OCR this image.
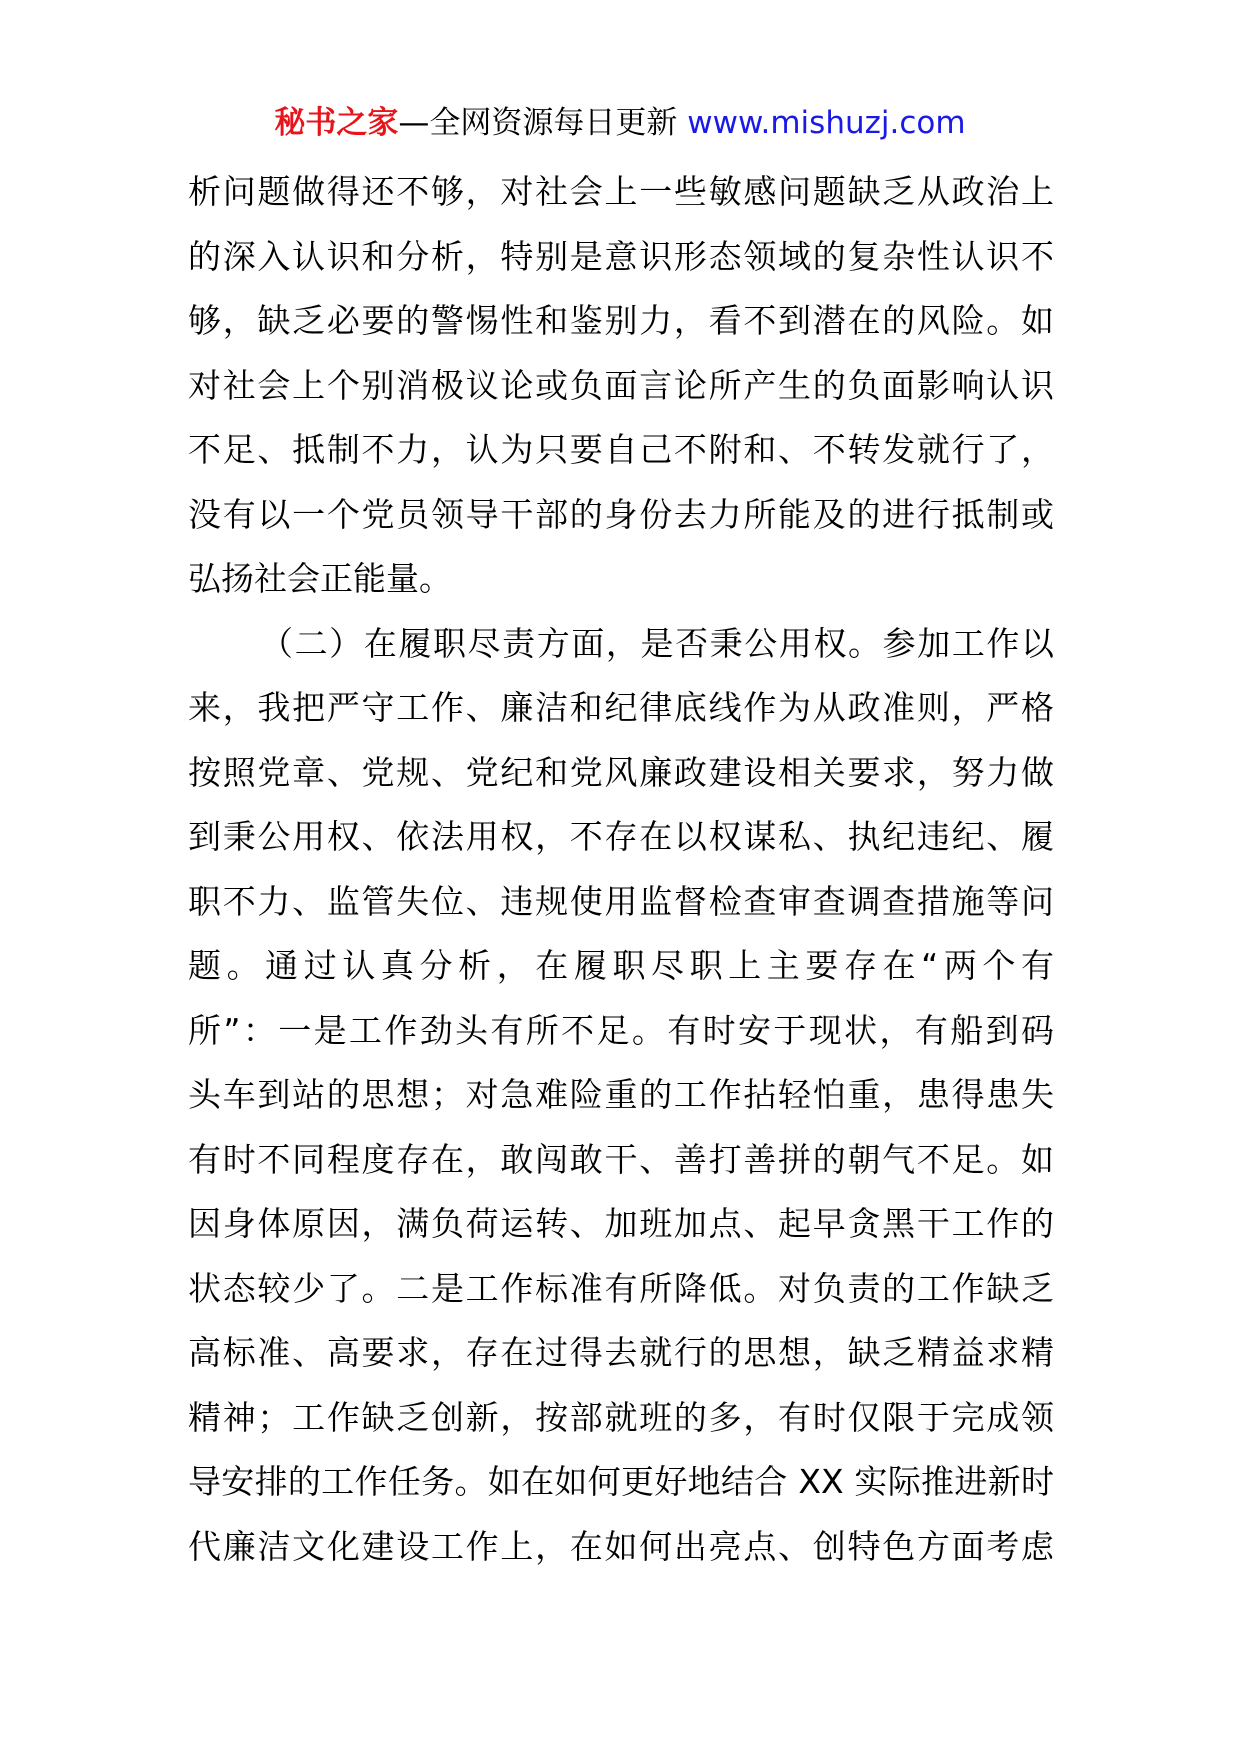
秘书之家—全网资源每日更新 www.mishuzj.com
析问题做得还不够，对社会上一些敏感问题缺乏从政治上
的深入认识和分析，特别是意识形态领域的复杂性认识不
够，缺乏必要的警惕性和鉴别力，看不到潜在的风险。如
对社会上个别消极议论或负面言论所产生的负面影响认识
不足、抵制不力，认为只要自己不附和、不转发就行了，
没有以一个党员领导干部的身份去力所能及的进行抵制或
弘扬社会正能量。
（二）在履职尽责方面，是否秉公用权。参加工作以
来，我把严守工作、廉洁和纪律底线作为从政准则，严格
按照党章、党规、党纪和党风廉政建设相关要求，努力做
到秉公用权、依法用权，不存在以权谋私、执纪违纪、履
职不力、监管失位、违规使用监督检查审查调查措施等问
题。通过认真分析，在履职尽职上主要存在“两个有
所”：一是工作劲头有所不足。有时安于现状，有船到码
头车到站的思想；对急难险重的工作拈轻怕重，患得患失
有时不同程度存在，敢闯敢干、善打善拼的朝气不足。如
因身体原因，满负荷运转、加班加点、起早贪黑干工作的
状态较少了。二是工作标准有所降低。对负责的工作缺乏
高标准、高要求，存在过得去就行的思想，缺乏精益求精
精神；工作缺乏创新，按部就班的多，有时仅限于完成领
导安排的工作任务。如在如何更好地结合 XX 实际推进新时
代廉洁文化建设工作上，在如何出亮点、创特色方面考虑
